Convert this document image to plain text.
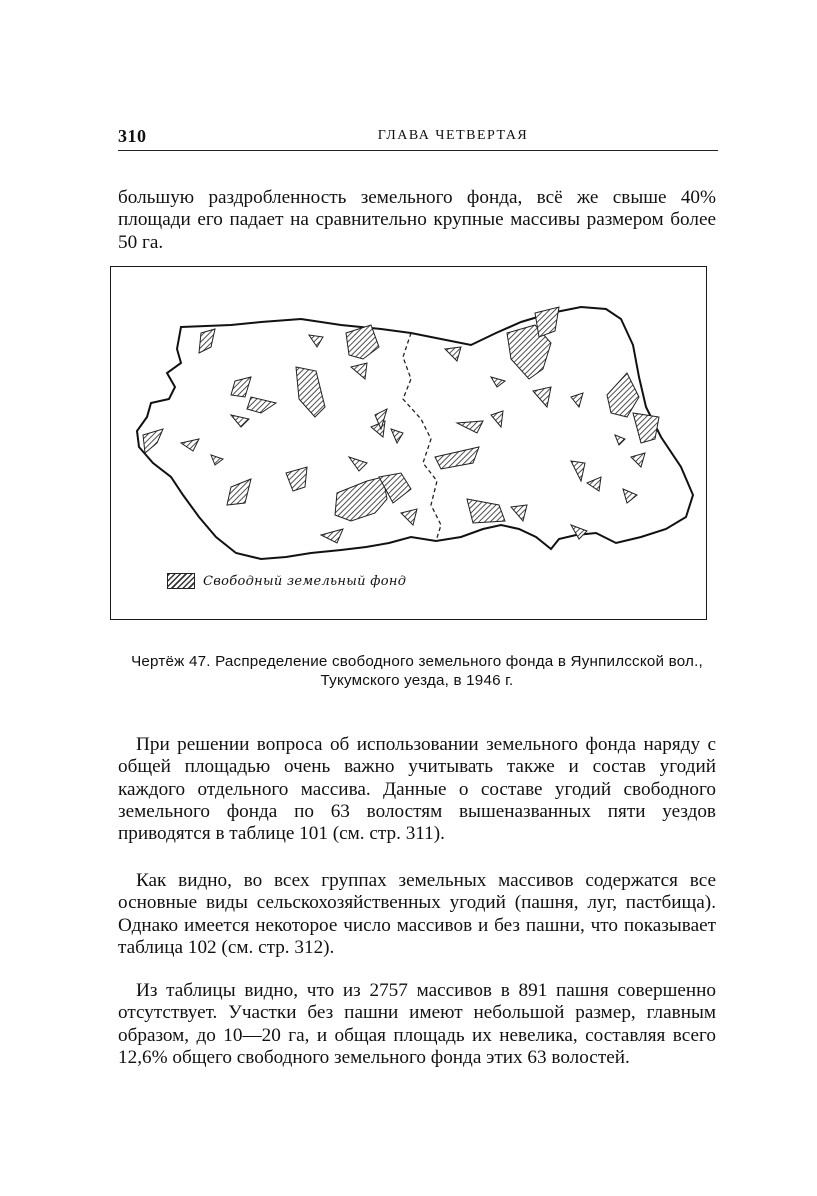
310	ГЛАВА ЧЕТВЕРТАЯ

большую раздробленность земельного фонда, всё же свыше 40% площади его падает на сравнительно крупные массивы размером более 50 га.

Свободный земельный фонд

Чертёж 47. Распределение свободного земельного фонда в Яунпилсской вол., Тукумского уезда, в 1946 г.

При решении вопроса об использовании земельного фонда наряду с общей площадью очень важно учитывать также и состав угодий каждого отдельного массива. Данные о составе угодий свободного земельного фонда по 63 волостям вышеназванных пяти уездов приводятся в таблице 101 (см. стр. 311).

Как видно, во всех группах земельных массивов содержатся все основные виды сельскохозяйственных угодий (пашня, луг, пастбища). Однако имеется некоторое число массивов и без пашни, что показывает таблица 102 (см. стр. 312).

Из таблицы видно, что из 2757 массивов в 891 пашня совершенно отсутствует. Участки без пашни имеют небольшой размер, главным образом, до 10—20 га, и общая площадь их невелика, составляя всего 12,6% общего свободного земельного фонда этих 63 волостей.
